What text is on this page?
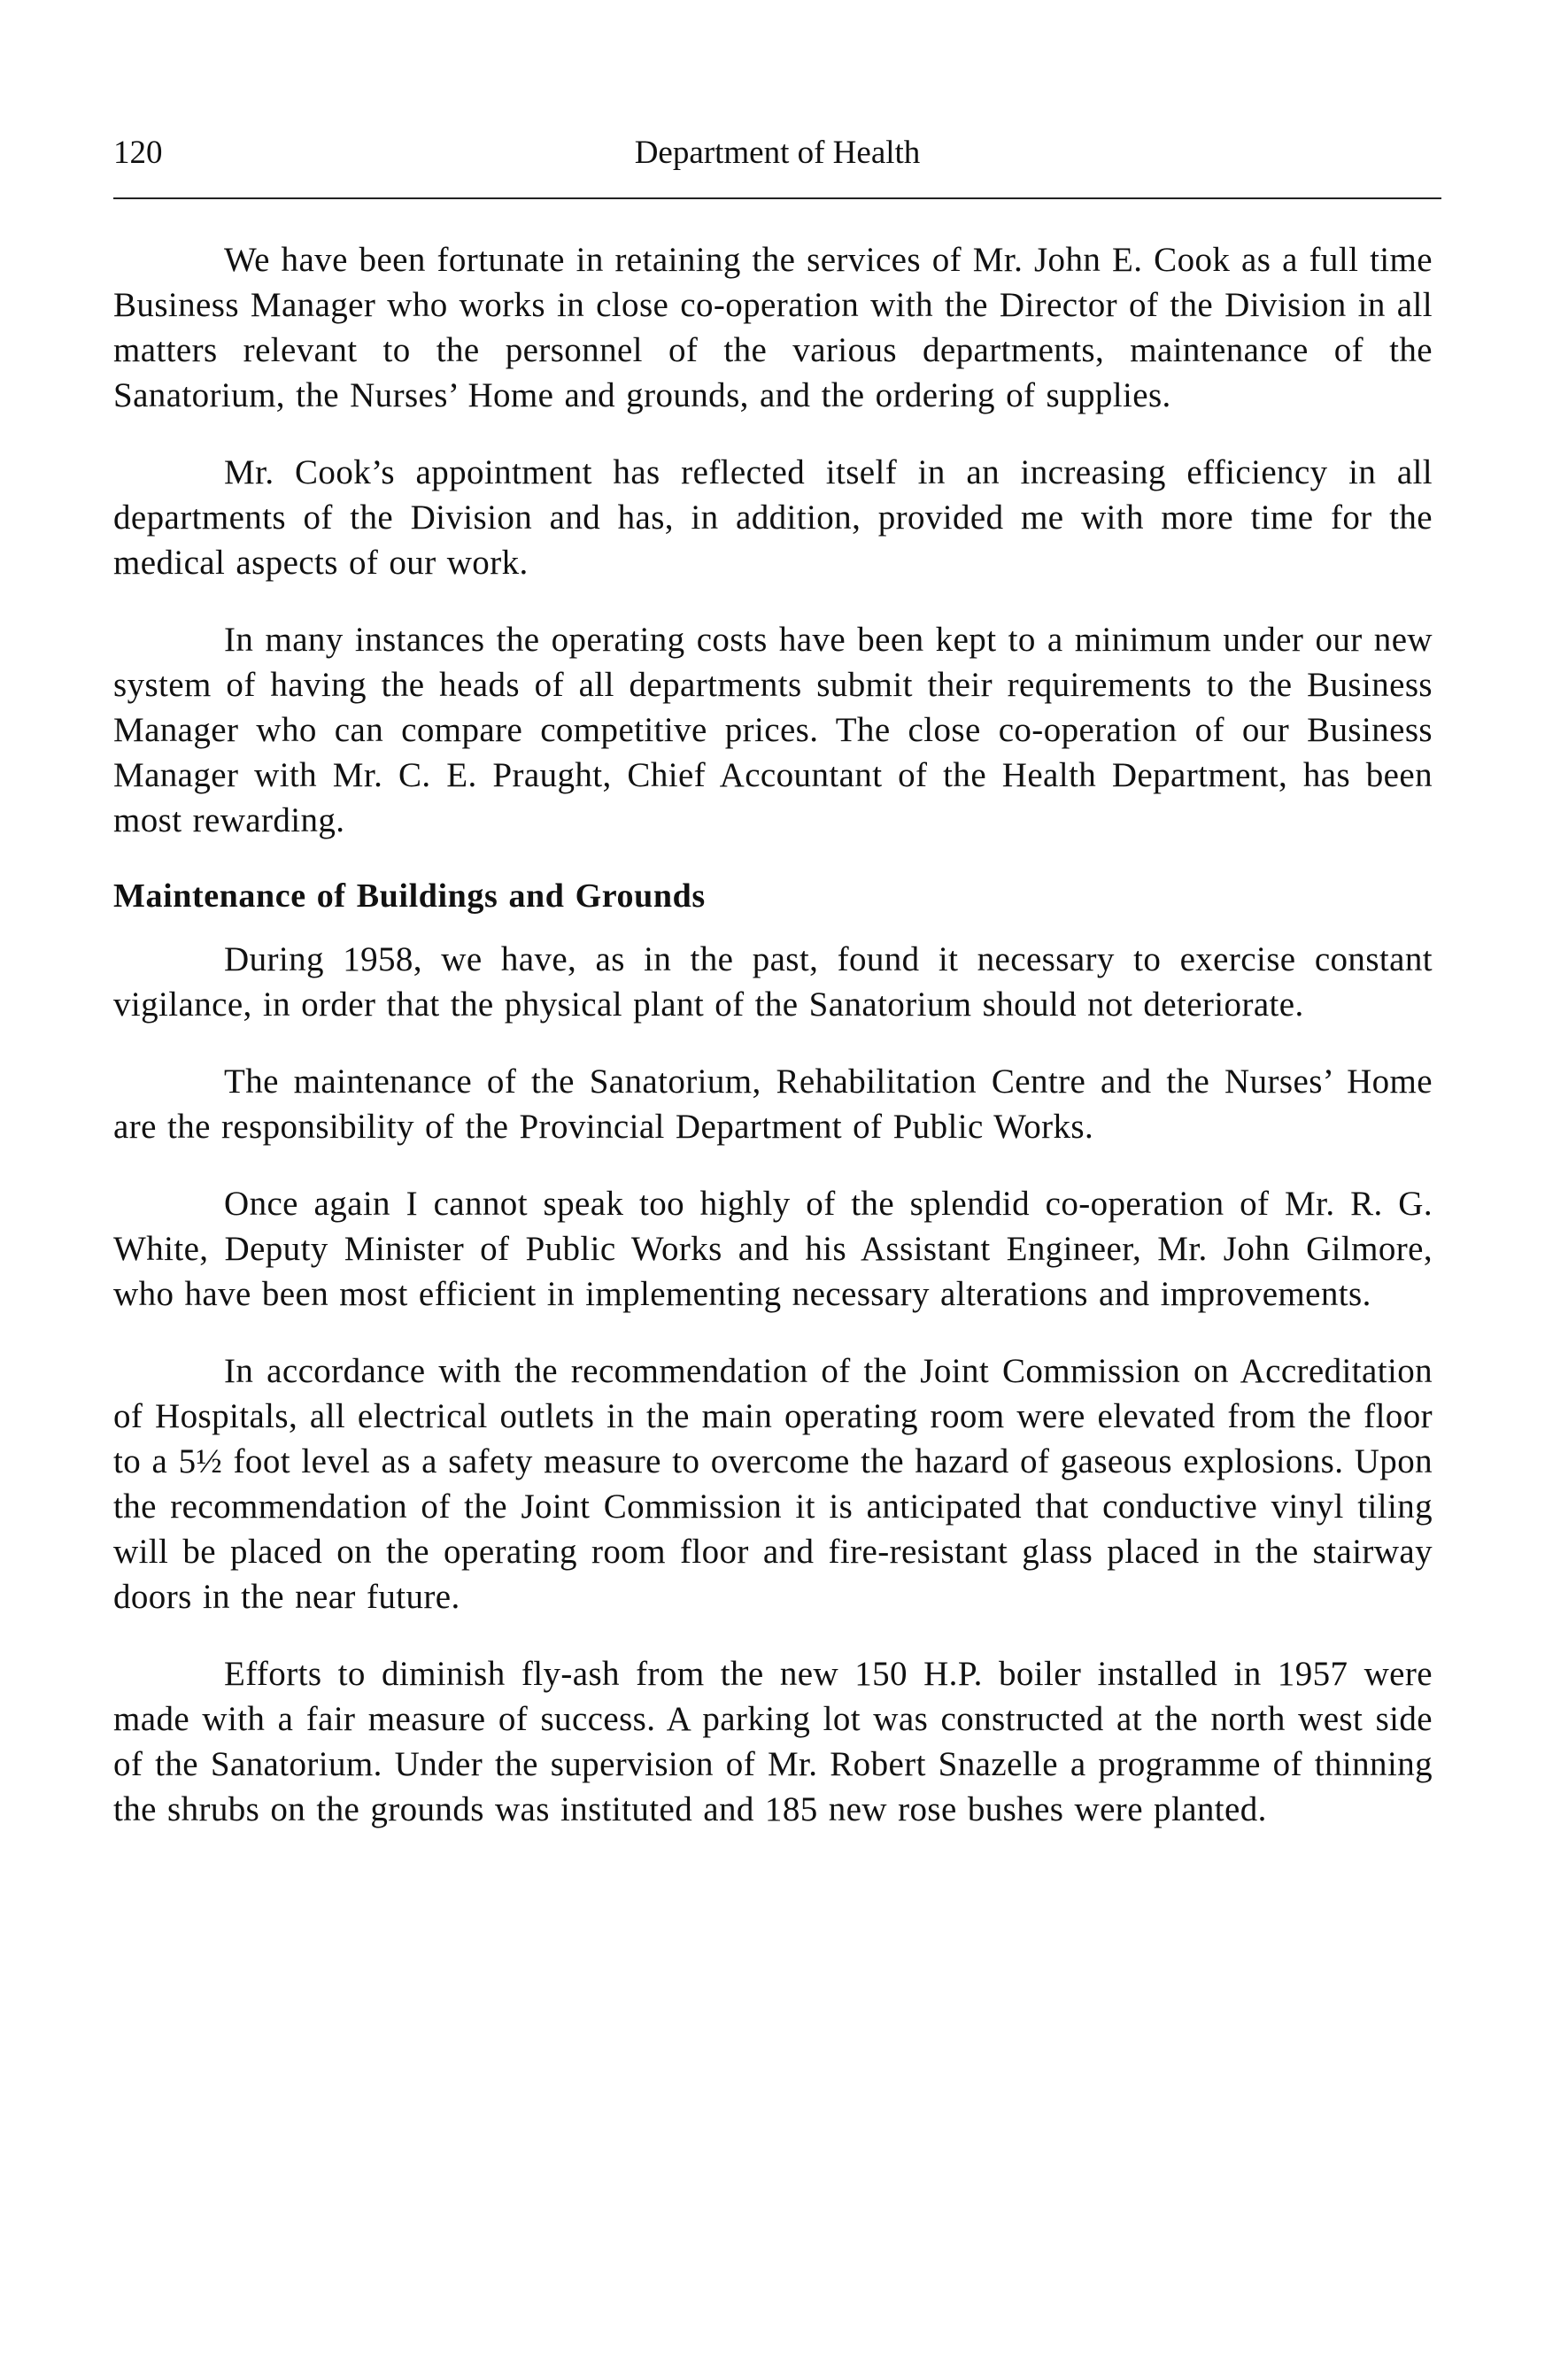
120	Department of Health

We have been fortunate in retaining the services of Mr. John E. Cook as a full time Business Manager who works in close co-operation with the Director of the Division in all matters relevant to the personnel of the various departments, maintenance of the Sanatorium, the Nurses’ Home and grounds, and the ordering of supplies.

Mr. Cook’s appointment has reflected itself in an increasing efficiency in all departments of the Division and has, in addition, provided me with more time for the medical aspects of our work.

In many instances the operating costs have been kept to a minimum under our new system of having the heads of all departments submit their requirements to the Business Manager who can compare competitive prices. The close co-operation of our Business Manager with Mr. C. E. Praught, Chief Accountant of the Health Department, has been most rewarding.

Maintenance of Buildings and Grounds

During 1958, we have, as in the past, found it necessary to exercise constant vigilance, in order that the physical plant of the Sanatorium should not deteriorate.

The maintenance of the Sanatorium, Rehabilitation Centre and the Nurses’ Home are the responsibility of the Provincial Department of Public Works.

Once again I cannot speak too highly of the splendid co-operation of Mr. R. G. White, Deputy Minister of Public Works and his Assistant Engineer, Mr. John Gilmore, who have been most efficient in implementing necessary alterations and improvements.

In accordance with the recommendation of the Joint Commission on Accreditation of Hospitals, all electrical outlets in the main operating room were elevated from the floor to a 5½ foot level as a safety measure to overcome the hazard of gaseous explosions. Upon the recommendation of the Joint Commission it is anticipated that conductive vinyl tiling will be placed on the operating room floor and fire-resistant glass placed in the stairway doors in the near future.

Efforts to diminish fly-ash from the new 150 H.P. boiler installed in 1957 were made with a fair measure of success. A parking lot was constructed at the north west side of the Sanatorium. Under the supervision of Mr. Robert Snazelle a programme of thinning the shrubs on the grounds was instituted and 185 new rose bushes were planted.
